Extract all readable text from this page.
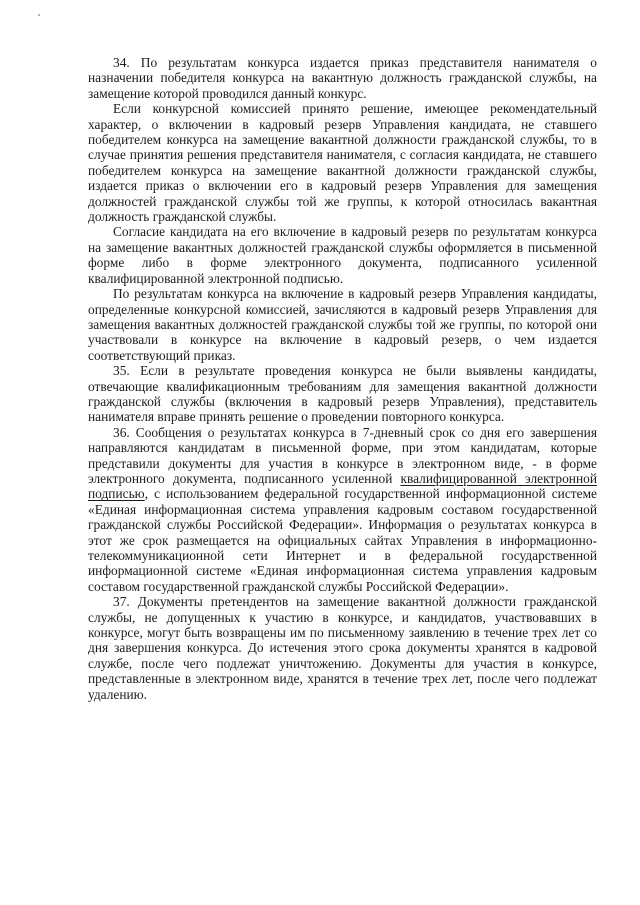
34. По результатам конкурса издается приказ представителя нанимателя о назначении победителя конкурса на вакантную должность гражданской службы, на замещение которой проводился данный конкурс.

Если конкурсной комиссией принято решение, имеющее рекомендательный характер, о включении в кадровый резерв Управления кандидата, не ставшего победителем конкурса на замещение вакантной должности гражданской службы, то в случае принятия решения представителя нанимателя, с согласия кандидата, не ставшего победителем конкурса на замещение вакантной должности гражданской службы, издается приказ о включении его в кадровый резерв Управления для замещения должностей гражданской службы той же группы, к которой относилась вакантная должность гражданской службы.

Согласие кандидата на его включение в кадровый резерв по результатам конкурса на замещение вакантных должностей гражданской службы оформляется в письменной форме либо в форме электронного документа, подписанного усиленной квалифицированной электронной подписью.

По результатам конкурса на включение в кадровый резерв Управления кандидаты, определенные конкурсной комиссией, зачисляются в кадровый резерв Управления для замещения вакантных должностей гражданской службы той же группы, по которой они участвовали в конкурсе на включение в кадровый резерв, о чем издается соответствующий приказ.

35. Если в результате проведения конкурса не были выявлены кандидаты, отвечающие квалификационным требованиям для замещения вакантной должности гражданской службы (включения в кадровый резерв Управления), представитель нанимателя вправе принять решение о проведении повторного конкурса.

36. Сообщения о результатах конкурса в 7-дневный срок со дня его завершения направляются кандидатам в письменной форме, при этом кандидатам, которые представили документы для участия в конкурсе в электронном виде, - в форме электронного документа, подписанного усиленной квалифицированной электронной подписью, с использованием федеральной государственной информационной системе «Единая информационная система управления кадровым составом государственной гражданской службы Российской Федерации». Информация о результатах конкурса в этот же срок размещается на официальных сайтах Управления в информационно-телекоммуникационной сети Интернет и в федеральной государственной информационной системе «Единая информационная система управления кадровым составом государственной гражданской службы Российской Федерации».

37. Документы претендентов на замещение вакантной должности гражданской службы, не допущенных к участию в конкурсе, и кандидатов, участвовавших в конкурсе, могут быть возвращены им по письменному заявлению в течение трех лет со дня завершения конкурса. До истечения этого срока документы хранятся в кадровой службе, после чего подлежат уничтожению. Документы для участия в конкурсе, представленные в электронном виде, хранятся в течение трех лет, после чего подлежат удалению.
